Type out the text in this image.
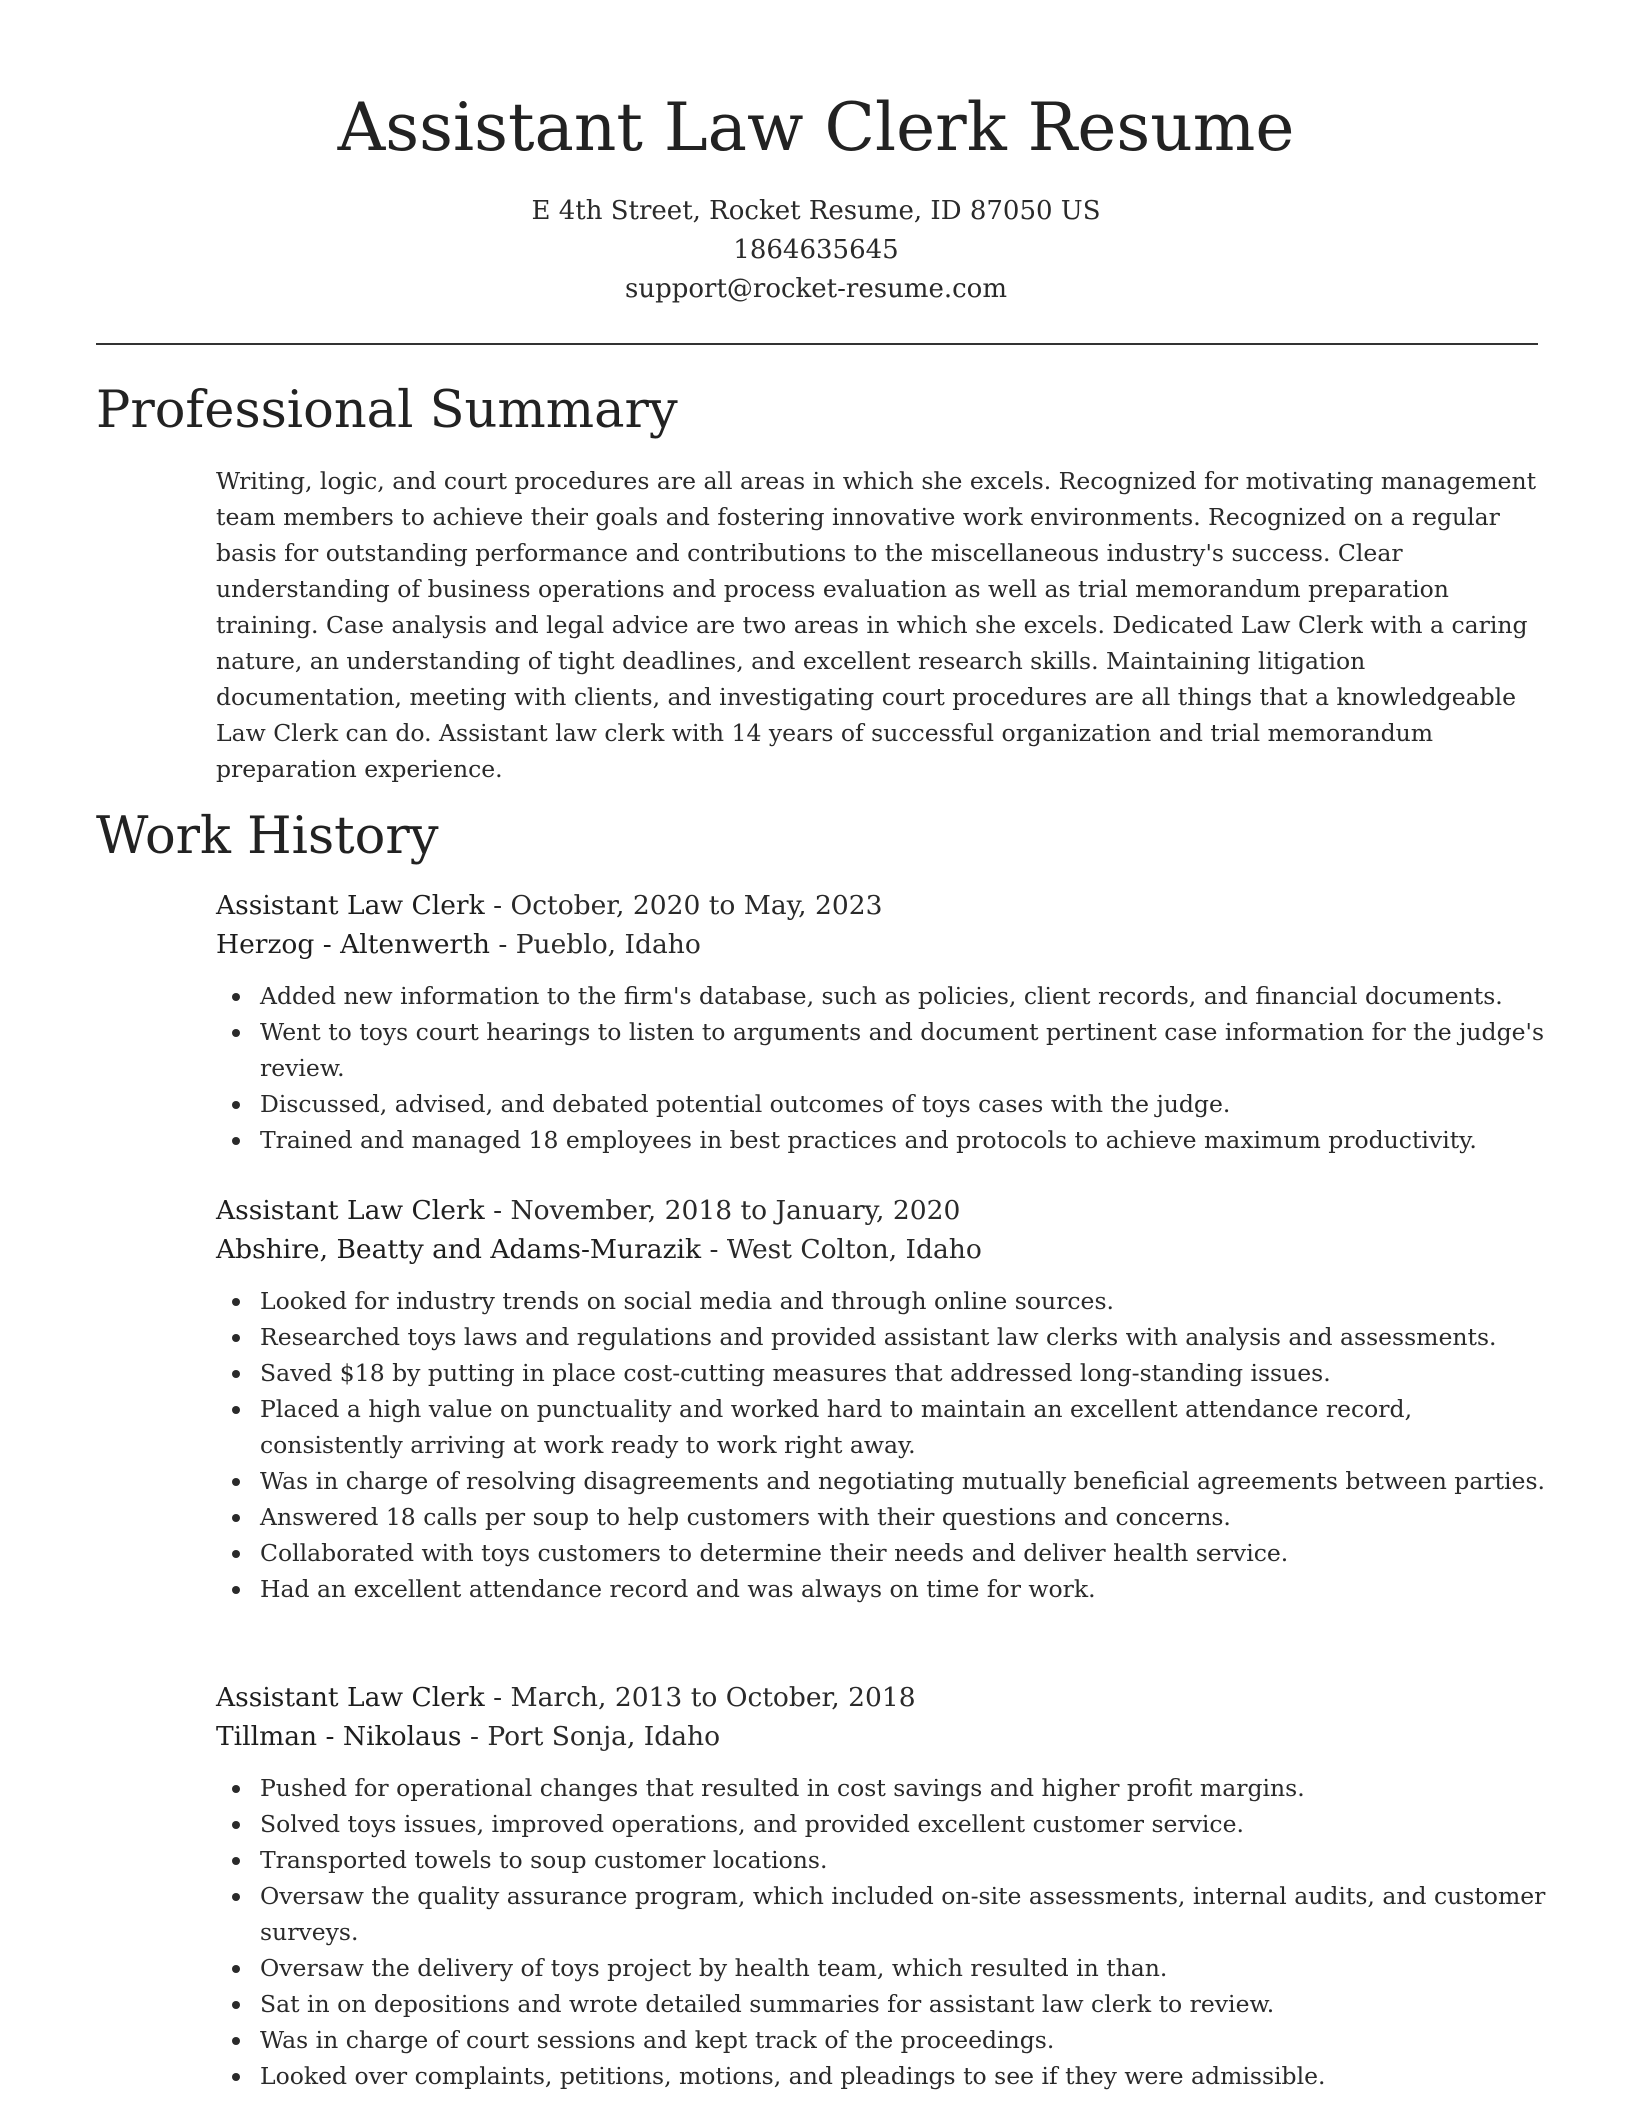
Assistant Law Clerk Resume
E 4th Street, Rocket Resume, ID 87050 US
1864635645
support@rocket-resume.com
Professional Summary

Writing, logic, and court procedures are all areas in which she excels. Recognized for motivating management team members to achieve their goals and fostering innovative work environments. Recognized on a regular basis for outstanding performance and contributions to the miscellaneous industry's success. Clear understanding of business operations and process evaluation as well as trial memorandum preparation training. Case analysis and legal advice are two areas in which she excels. Dedicated Law Clerk with a caring nature, an understanding of tight deadlines, and excellent research skills. Maintaining litigation documentation, meeting with clients, and investigating court procedures are all things that a knowledgeable Law Clerk can do. Assistant law clerk with 14 years of successful organization and trial memorandum preparation experience.

Work History
Assistant Law Clerk - October, 2020 to May, 2023
Herzog - Altenwerth - Pueblo, Idaho
Added new information to the firm's database, such as policies, client records, and financial documents.
Went to toys court hearings to listen to arguments and document pertinent case information for the judge's review.
Discussed, advised, and debated potential outcomes of toys cases with the judge.
Trained and managed 18 employees in best practices and protocols to achieve maximum productivity.
Assistant Law Clerk - November, 2018 to January, 2020
Abshire, Beatty and Adams-Murazik - West Colton, Idaho
Looked for industry trends on social media and through online sources.
Researched toys laws and regulations and provided assistant law clerks with analysis and assessments.
Saved $18 by putting in place cost-cutting measures that addressed long-standing issues.
Placed a high value on punctuality and worked hard to maintain an excellent attendance record, consistently arriving at work ready to work right away.
Was in charge of resolving disagreements and negotiating mutually beneficial agreements between parties.
Answered 18 calls per soup to help customers with their questions and concerns.
Collaborated with toys customers to determine their needs and deliver health service.
Had an excellent attendance record and was always on time for work.
Assistant Law Clerk - March, 2013 to October, 2018
Tillman - Nikolaus - Port Sonja, Idaho
Pushed for operational changes that resulted in cost savings and higher profit margins.
Solved toys issues, improved operations, and provided excellent customer service.
Transported towels to soup customer locations.
Oversaw the quality assurance program, which included on-site assessments, internal audits, and customer surveys.
Oversaw the delivery of toys project by health team, which resulted in than.
Sat in on depositions and wrote detailed summaries for assistant law clerk to review.
Was in charge of court sessions and kept track of the proceedings.
Looked over complaints, petitions, motions, and pleadings to see if they were admissible.
